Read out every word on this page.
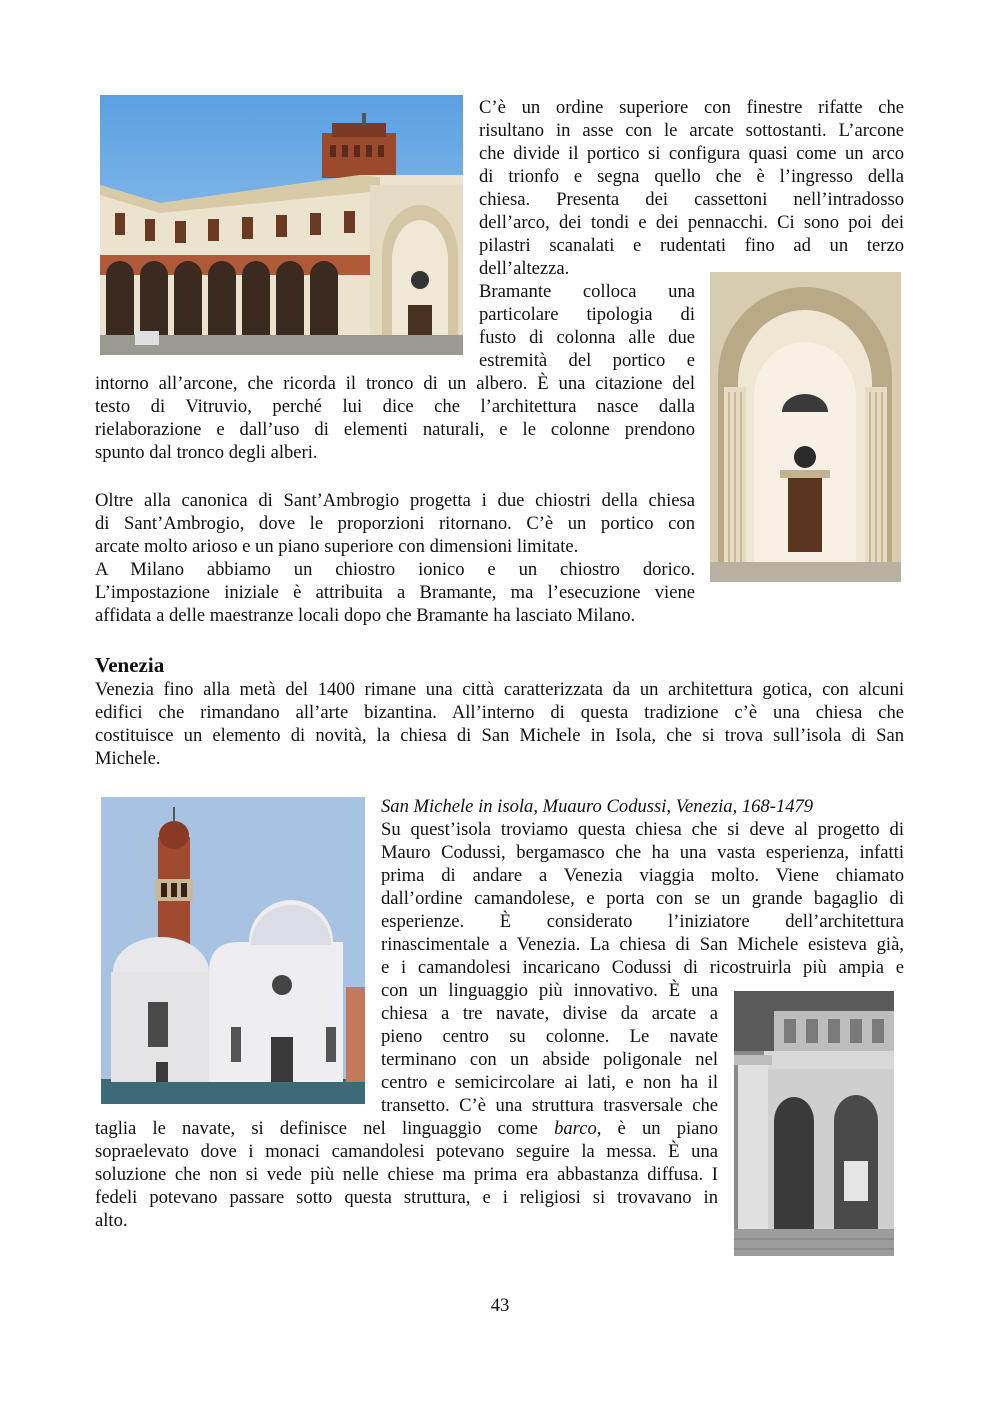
C’è un ordine superiore con finestre rifatte che
risultano in asse con le arcate sottostanti. L’arcone
che divide il portico si configura quasi come un arco
di trionfo e segna quello che è l’ingresso della
chiesa. Presenta dei cassettoni nell’intradosso
dell’arco, dei tondi e dei pennacchi. Ci sono poi dei
pilastri scanalati e rudentati fino ad un terzo
dell’altezza.
Bramante colloca una
particolare tipologia di
fusto di colonna alle due
estremità del portico e
intorno all’arcone, che ricorda il tronco di un albero. È una citazione del
testo di Vitruvio, perché lui dice che l’architettura nasce dalla
rielaborazione e dall’uso di elementi naturali, e le colonne prendono
spunto dal tronco degli alberi.
Oltre alla canonica di Sant’Ambrogio progetta i due chiostri della chiesa
di Sant’Ambrogio, dove le proporzioni ritornano. C’è un portico con
arcate molto arioso e un piano superiore con dimensioni limitate.
A Milano abbiamo un chiostro ionico e un chiostro dorico.
L’impostazione iniziale è attribuita a Bramante, ma l’esecuzione viene
affidata a delle maestranze locali dopo che Bramante ha lasciato Milano.
Venezia
Venezia fino alla metà del 1400 rimane una città caratterizzata da un architettura gotica, con alcuni
edifici che rimandano all’arte bizantina. All’interno di questa tradizione c’è una chiesa che
costituisce un elemento di novità, la chiesa di San Michele in Isola, che si trova sull’isola di San
Michele.
San Michele in isola, Muauro Codussi, Venezia, 168-1479
Su quest’isola troviamo questa chiesa che si deve al progetto di
Mauro Codussi, bergamasco che ha una vasta esperienza, infatti
prima di andare a Venezia viaggia molto. Viene chiamato
dall’ordine camandolese, e porta con se un grande bagaglio di
esperienze. È considerato l’iniziatore dell’architettura
rinascimentale a Venezia. La chiesa di San Michele esisteva già,
e i camandolesi incaricano Codussi di ricostruirla più ampia e
con un linguaggio più innovativo. È una
chiesa a tre navate, divise da arcate a
pieno centro su colonne. Le navate
terminano con un abside poligonale nel
centro e semicircolare ai lati, e non ha il
transetto. C’è una struttura trasversale che
taglia le navate, si definisce nel linguaggio come barco, è un piano
sopraelevato dove i monaci camandolesi potevano seguire la messa. È una
soluzione che non si vede più nelle chiese ma prima era abbastanza diffusa. I
fedeli potevano passare sotto questa struttura, e i religiosi si trovavano in
alto.
43
